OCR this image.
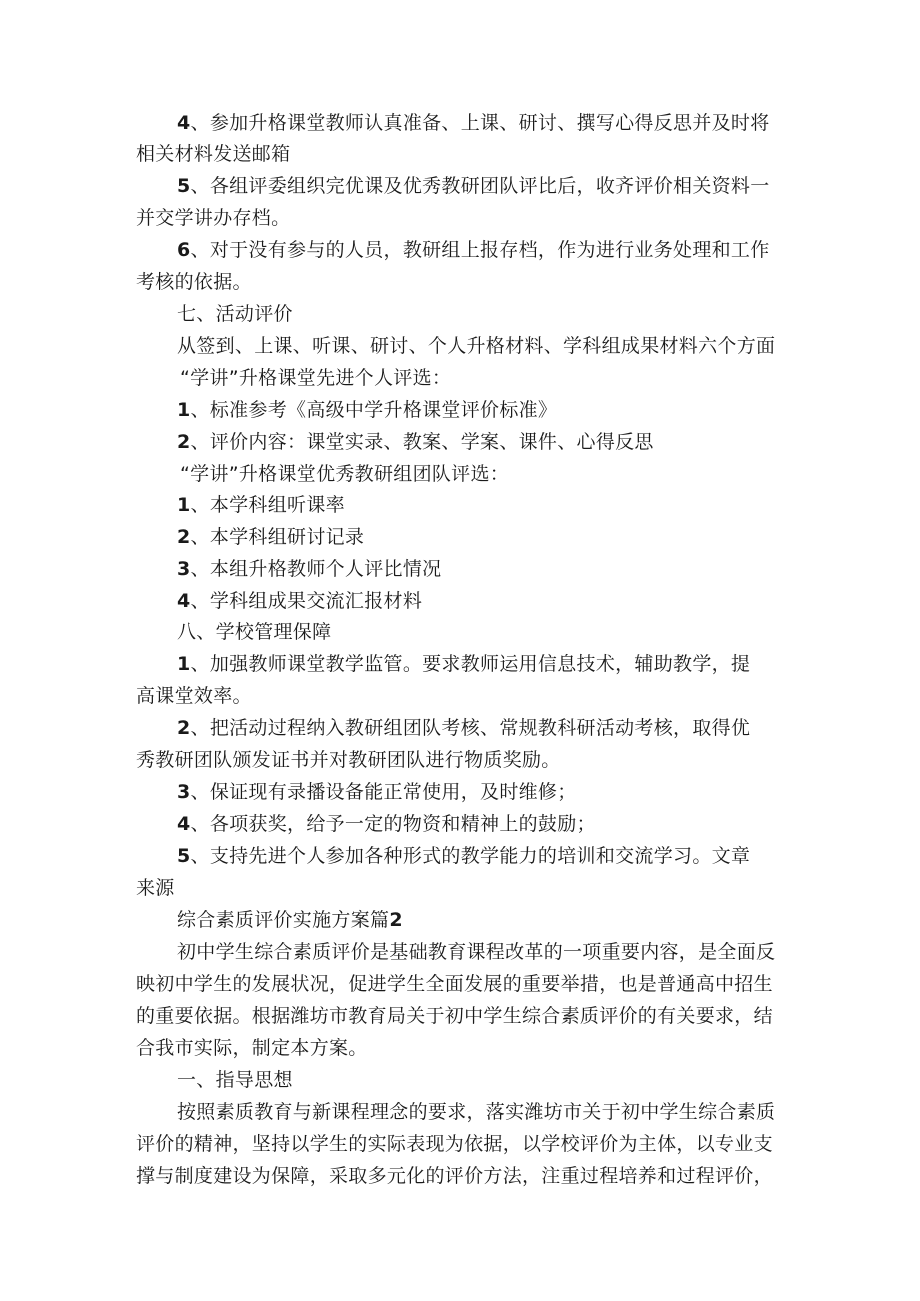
4、参加升格课堂教师认真准备、上课、研讨、撰写心得反思并及时将
相关材料发送邮箱
5、各组评委组织完优课及优秀教研团队评比后，收齐评价相关资料一
并交学讲办存档。
6、对于没有参与的人员，教研组上报存档，作为进行业务处理和工作
考核的依据。
七、活动评价
从签到、上课、听课、研讨、个人升格材料、学科组成果材料六个方面
“学讲”升格课堂先进个人评选：
1、标准参考《高级中学升格课堂评价标准》
2、评价内容：课堂实录、教案、学案、课件、心得反思
“学讲”升格课堂优秀教研组团队评选：
1、本学科组听课率
2、本学科组研讨记录
3、本组升格教师个人评比情况
4、学科组成果交流汇报材料
八、学校管理保障
1、加强教师课堂教学监管。要求教师运用信息技术，辅助教学，提
高课堂效率。
2、把活动过程纳入教研组团队考核、常规教科研活动考核，取得优
秀教研团队颁发证书并对教研团队进行物质奖励。
3、保证现有录播设备能正常使用，及时维修；
4、各项获奖，给予一定的物资和精神上的鼓励；
5、支持先进个人参加各种形式的教学能力的培训和交流学习。文章
来源
综合素质评价实施方案篇2
初中学生综合素质评价是基础教育课程改革的一项重要内容，是全面反
映初中学生的发展状况，促进学生全面发展的重要举措，也是普通高中招生
的重要依据。根据潍坊市教育局关于初中学生综合素质评价的有关要求，结
合我市实际，制定本方案。
一、指导思想
按照素质教育与新课程理念的要求，落实潍坊市关于初中学生综合素质
评价的精神，坚持以学生的实际表现为依据，以学校评价为主体，以专业支
撑与制度建设为保障，采取多元化的评价方法，注重过程培养和过程评价，
